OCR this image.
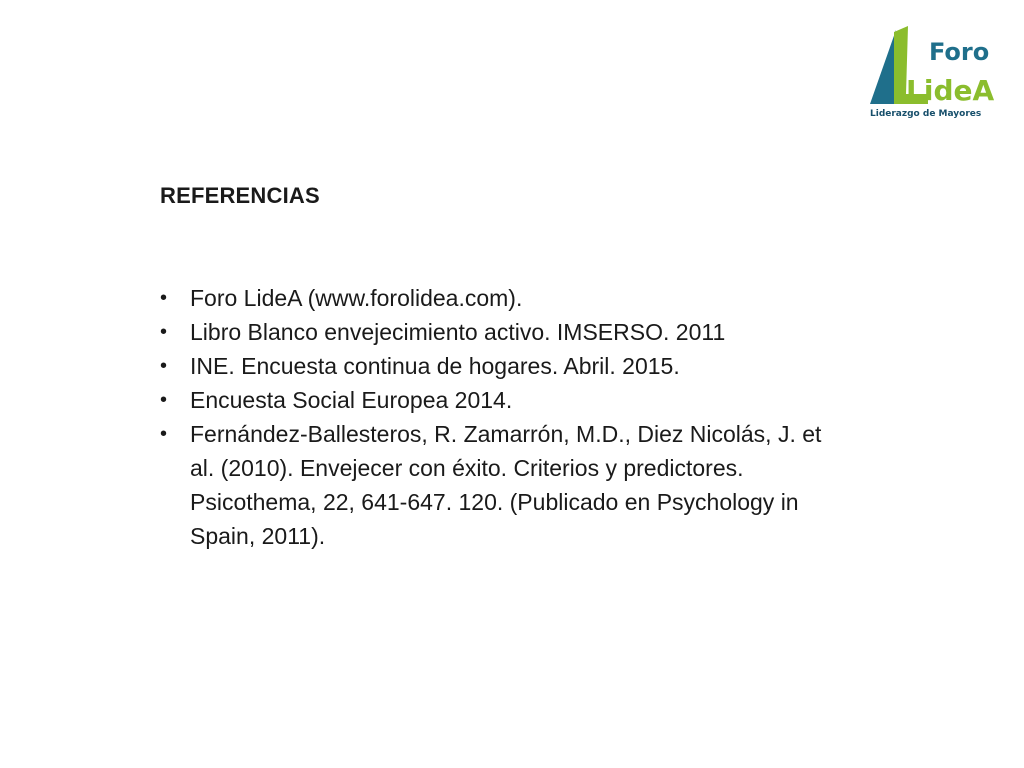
Foro
LideA
Liderazgo de Mayores
REFERENCIAS
• Foro LideA (www.forolidea.com).
• Libro Blanco envejecimiento activo. IMSERSO. 2011
• INE. Encuesta continua de hogares. Abril. 2015.
• Encuesta Social Europea 2014.
• Fernández-Ballesteros, R. Zamarrón, M.D., Diez Nicolás, J. et al. (2010). Envejecer con éxito. Criterios y predictores. Psicothema, 22, 641-647. 120. (Publicado en Psychology in Spain, 2011).
